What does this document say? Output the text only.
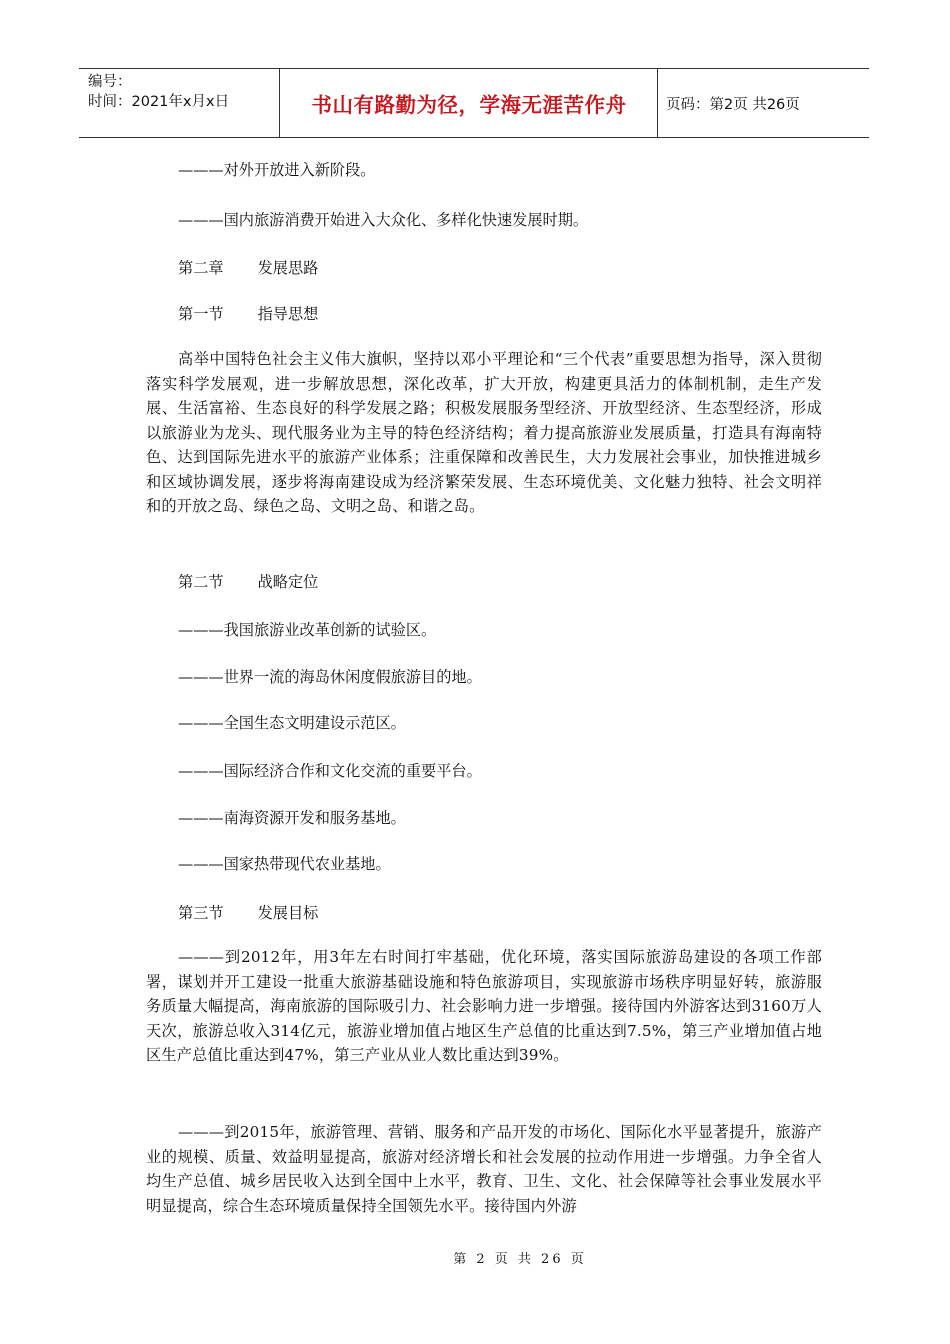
编号：
时间：2021年x月x日	书山有路勤为径，学海无涯苦作舟	页码：第2页 共26页
———对外开放进入新阶段。
———国内旅游消费开始进入大众化、多样化快速发展时期。
第二章 发展思路
第一节 指导思想
高举中国特色社会主义伟大旗帜，坚持以邓小平理论和“三个代表”重要思想为指导，深入贯彻落实科学发展观，进一步解放思想，深化改革，扩大开放，构建更具活力的体制机制，走生产发展、生活富裕、生态良好的科学发展之路；积极发展服务型经济、开放型经济、生态型经济，形成以旅游业为龙头、现代服务业为主导的特色经济结构；着力提高旅游业发展质量，打造具有海南特色、达到国际先进水平的旅游产业体系；注重保障和改善民生，大力发展社会事业，加快推进城乡和区域协调发展，逐步将海南建设成为经济繁荣发展、生态环境优美、文化魅力独特、社会文明祥和的开放之岛、绿色之岛、文明之岛、和谐之岛。
第二节 战略定位
———我国旅游业改革创新的试验区。
———世界一流的海岛休闲度假旅游目的地。
———全国生态文明建设示范区。
———国际经济合作和文化交流的重要平台。
———南海资源开发和服务基地。
———国家热带现代农业基地。
第三节 发展目标
———到2012年，用3年左右时间打牢基础，优化环境，落实国际旅游岛建设的各项工作部署，谋划并开工建设一批重大旅游基础设施和特色旅游项目，实现旅游市场秩序明显好转，旅游服务质量大幅提高，海南旅游的国际吸引力、社会影响力进一步增强。接待国内外游客达到3160万人天次，旅游总收入314亿元，旅游业增加值占地区生产总值的比重达到7.5%，第三产业增加值占地区生产总值比重达到47%，第三产业从业人数比重达到39%。
———到2015年，旅游管理、营销、服务和产品开发的市场化、国际化水平显著提升，旅游产业的规模、质量、效益明显提高，旅游对经济增长和社会发展的拉动作用进一步增强。力争全省人均生产总值、城乡居民收入达到全国中上水平，教育、卫生、文化、社会保障等社会事业发展水平明显提高，综合生态环境质量保持全国领先水平。接待国内外游
第 2 页 共 26 页
